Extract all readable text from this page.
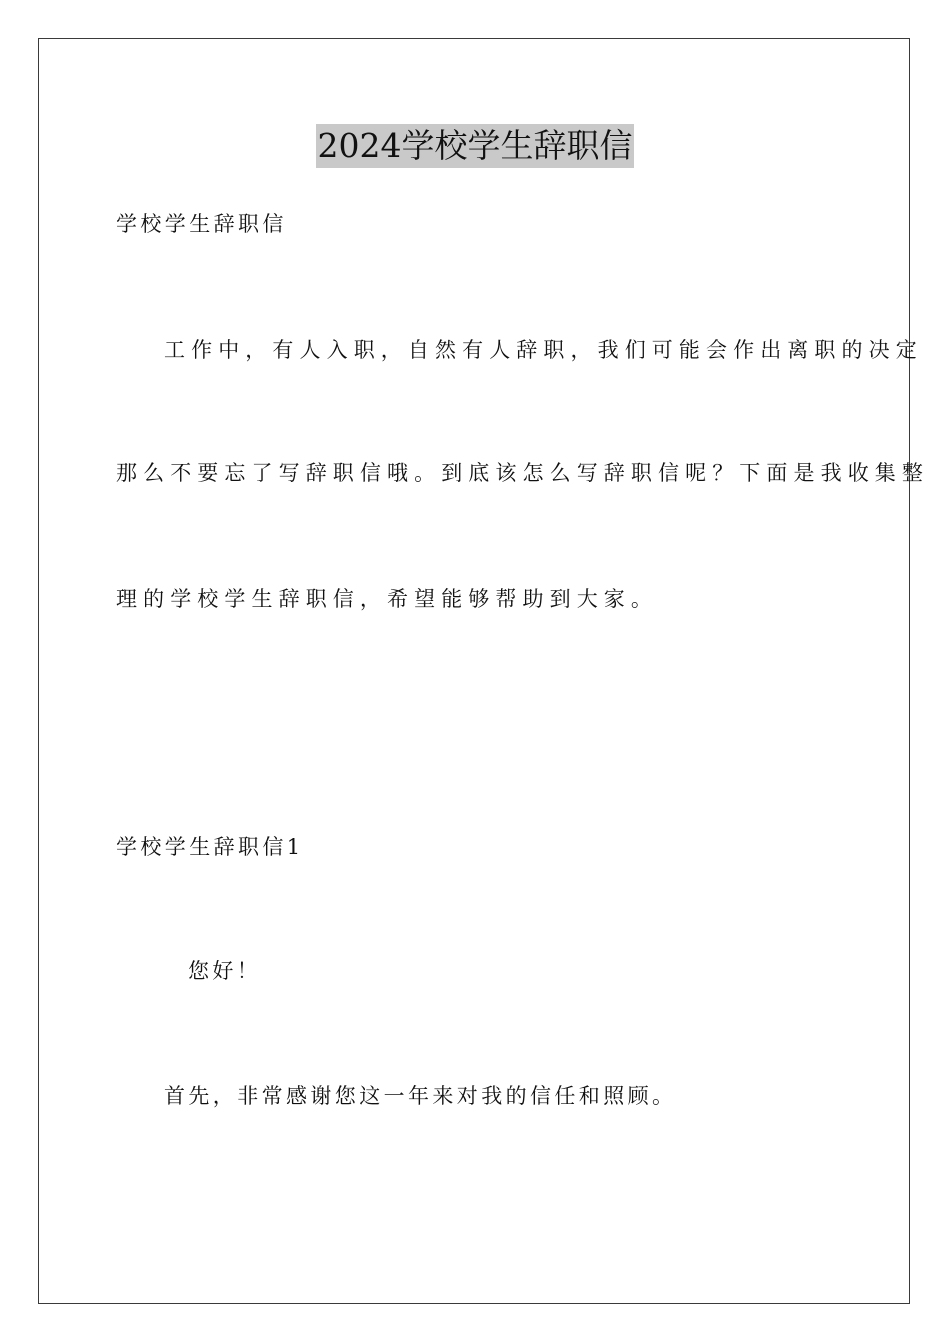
2024学校学生辞职信
学校学生辞职信
工作中，有人入职，自然有人辞职，我们可能会作出离职的决定
那么不要忘了写辞职信哦。到底该怎么写辞职信呢？下面是我收集整
理的学校学生辞职信，希望能够帮助到大家。
学校学生辞职信1
您好！
首先，非常感谢您这一年来对我的信任和照顾。
